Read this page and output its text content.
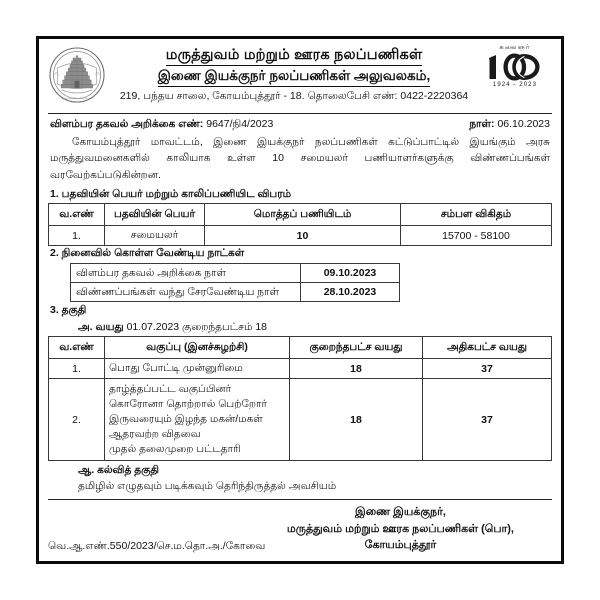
வாய்மையே வெல்லும்
மருத்துவம் மற்றும் ஊரக நலப்பணிகள் இணை இயக்குநர் நலப்பணிகள் அலுவலகம்,
219, பந்தய சாலை, கோயம்புத்தூர் - 18. தொலைபேசி எண்: 0422-2220364
கலைஞர்
1924 - 2023
விளம்பர தகவல் அறிக்கை எண்: 9647/நி4/2023	நாள்: 06.10.2023
கோயம்புத்தூர் மாவட்டம், இணை இயக்குநர் நலப்பணிகள் கட்டுப்பாட்டில் இயங்கும் அரசு மருத்துவமனைகளில் காலியாக உள்ள 10 சமையலர் பணியாளர்களுக்கு விண்ணப்பங்கள் வரவேற்கப்படுகின்றன.
1. பதவியின் பெயர் மற்றும் காலிப்பணியிட விபரம்
வ.எண்	பதவியின் பெயர்	மொத்தப் பணியிடம்	சம்பள விகிதம்
1.	சமையலர்	10	15700 - 58100
2. நினைவில் கொள்ள வேண்டிய நாட்கள்
விளம்பர தகவல் அறிக்கை நாள்	09.10.2023
விண்ணப்பங்கள் வந்து சேரவேண்டிய நாள்	28.10.2023
3. தகுதி
அ. வயது 01.07.2023 குறைந்தபட்சம் 18
வ.எண்	வகுப்பு (இனச்சுழற்சி)	குறைந்தபட்ச வயது	அதிகபட்ச வயது
1.	பொது போட்டி முன்னுரிமை	18	37
2.	தாழ்த்தப்பட்ட வகுப்பினர்
கொரோனா தொற்றால் பெற்றோர்
இருவரையும் இழந்த மகன்/மகள்
ஆதரவற்ற விதவை
முதல் தலைமுறை பட்டதாரி	18	37
ஆ. கல்வித் தகுதி
தமிழில் எழுதவும் படிக்கவும் தெரிந்திருத்தல் அவசியம்
வெ.ஆ.எண்.550/2023/செ.ம.தொ.அ./கோவை
இணை இயக்குநர்,
மருத்துவம் மற்றும் ஊரக நலப்பணிகள் (பொ),
கோயம்புத்தூர்
